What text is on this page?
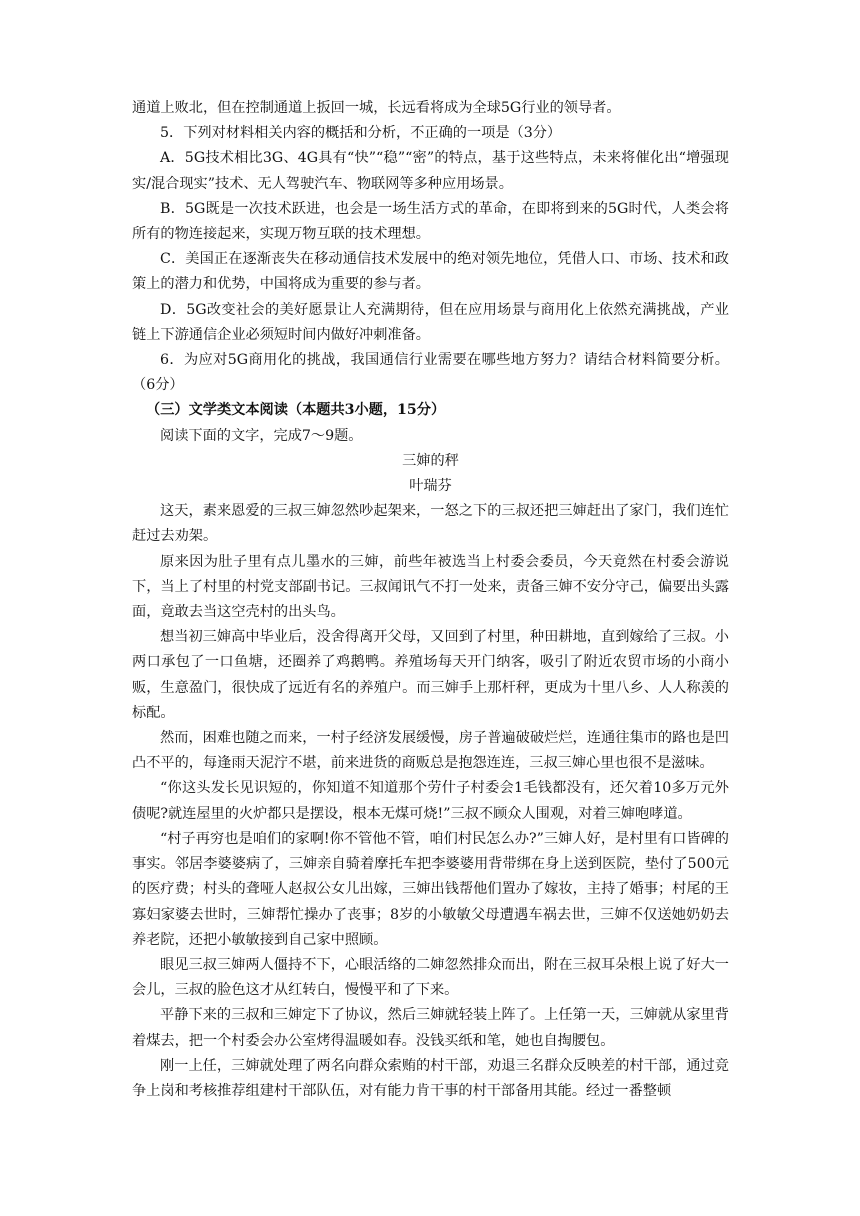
通道上败北，但在控制通道上扳回一城，长远看将成为全球5G行业的领导者。

5．下列对材料相关内容的概括和分析，不正确的一项是（3分）

A．5G技术相比3G、4G具有“快”“稳”“密”的特点，基于这些特点，未来将催化出“增强现实/混合现实”技术、无人驾驶汽车、物联网等多种应用场景。

B．5G既是一次技术跃进，也会是一场生活方式的革命，在即将到来的5G时代，人类会将所有的物连接起来，实现万物互联的技术理想。

C．美国正在逐渐丧失在移动通信技术发展中的绝对领先地位，凭借人口、市场、技术和政策上的潜力和优势，中国将成为重要的参与者。

D．5G改变社会的美好愿景让人充满期待，但在应用场景与商用化上依然充满挑战，产业链上下游通信企业必须短时间内做好冲刺准备。

6．为应对5G商用化的挑战，我国通信行业需要在哪些地方努力？请结合材料简要分析。（6分）

（三）文学类文本阅读（本题共3小题，15分）

阅读下面的文字，完成7～9题。

三婶的秤

叶瑞芬

这天，素来恩爱的三叔三婶忽然吵起架来，一怒之下的三叔还把三婶赶出了家门，我们连忙赶过去劝架。

原来因为肚子里有点儿墨水的三婶，前些年被选当上村委会委员，今天竟然在村委会游说下，当上了村里的村党支部副书记。三叔闻讯气不打一处来，责备三婶不安分守己，偏要出头露面，竟敢去当这空壳村的出头鸟。

想当初三婶高中毕业后，没舍得离开父母，又回到了村里，种田耕地，直到嫁给了三叔。小两口承包了一口鱼塘，还圈养了鸡鹅鸭。养殖场每天开门纳客，吸引了附近农贸市场的小商小贩，生意盈门，很快成了远近有名的养殖户。而三婶手上那杆秤，更成为十里八乡、人人称羡的标配。

然而，困难也随之而来，一村子经济发展缓慢，房子普遍破破烂烂，连通往集市的路也是凹凸不平的，每逢雨天泥泞不堪，前来进货的商贩总是抱怨连连，三叔三婶心里也很不是滋味。

“你这头发长见识短的，你知道不知道那个劳什子村委会1毛钱都没有，还欠着10多万元外债呢?就连屋里的火炉都只是摆设，根本无煤可烧!”三叔不顾众人围观，对着三婶咆哮道。

“村子再穷也是咱们的家啊!你不管他不管，咱们村民怎么办?”三婶人好，是村里有口皆碑的事实。邻居李婆婆病了，三婶亲自骑着摩托车把李婆婆用背带绑在身上送到医院，垫付了500元的医疗费；村头的聋哑人赵叔公女儿出嫁，三婶出钱帮他们置办了嫁妆，主持了婚事；村尾的王寡妇家婆去世时，三婶帮忙操办了丧事；8岁的小敏敏父母遭遇车祸去世，三婶不仅送她奶奶去养老院，还把小敏敏接到自己家中照顾。

眼见三叔三婶两人僵持不下，心眼活络的二婶忽然排众而出，附在三叔耳朵根上说了好大一会儿，三叔的脸色这才从红转白，慢慢平和了下来。

平静下来的三叔和三婶定下了协议，然后三婶就轻装上阵了。上任第一天，三婶就从家里背着煤去，把一个村委会办公室烤得温暖如春。没钱买纸和笔，她也自掏腰包。

刚一上任，三婶就处理了两名向群众索贿的村干部，劝退三名群众反映差的村干部，通过竞争上岗和考核推荐组建村干部队伍，对有能力肯干事的村干部备用其能。经过一番整顿
